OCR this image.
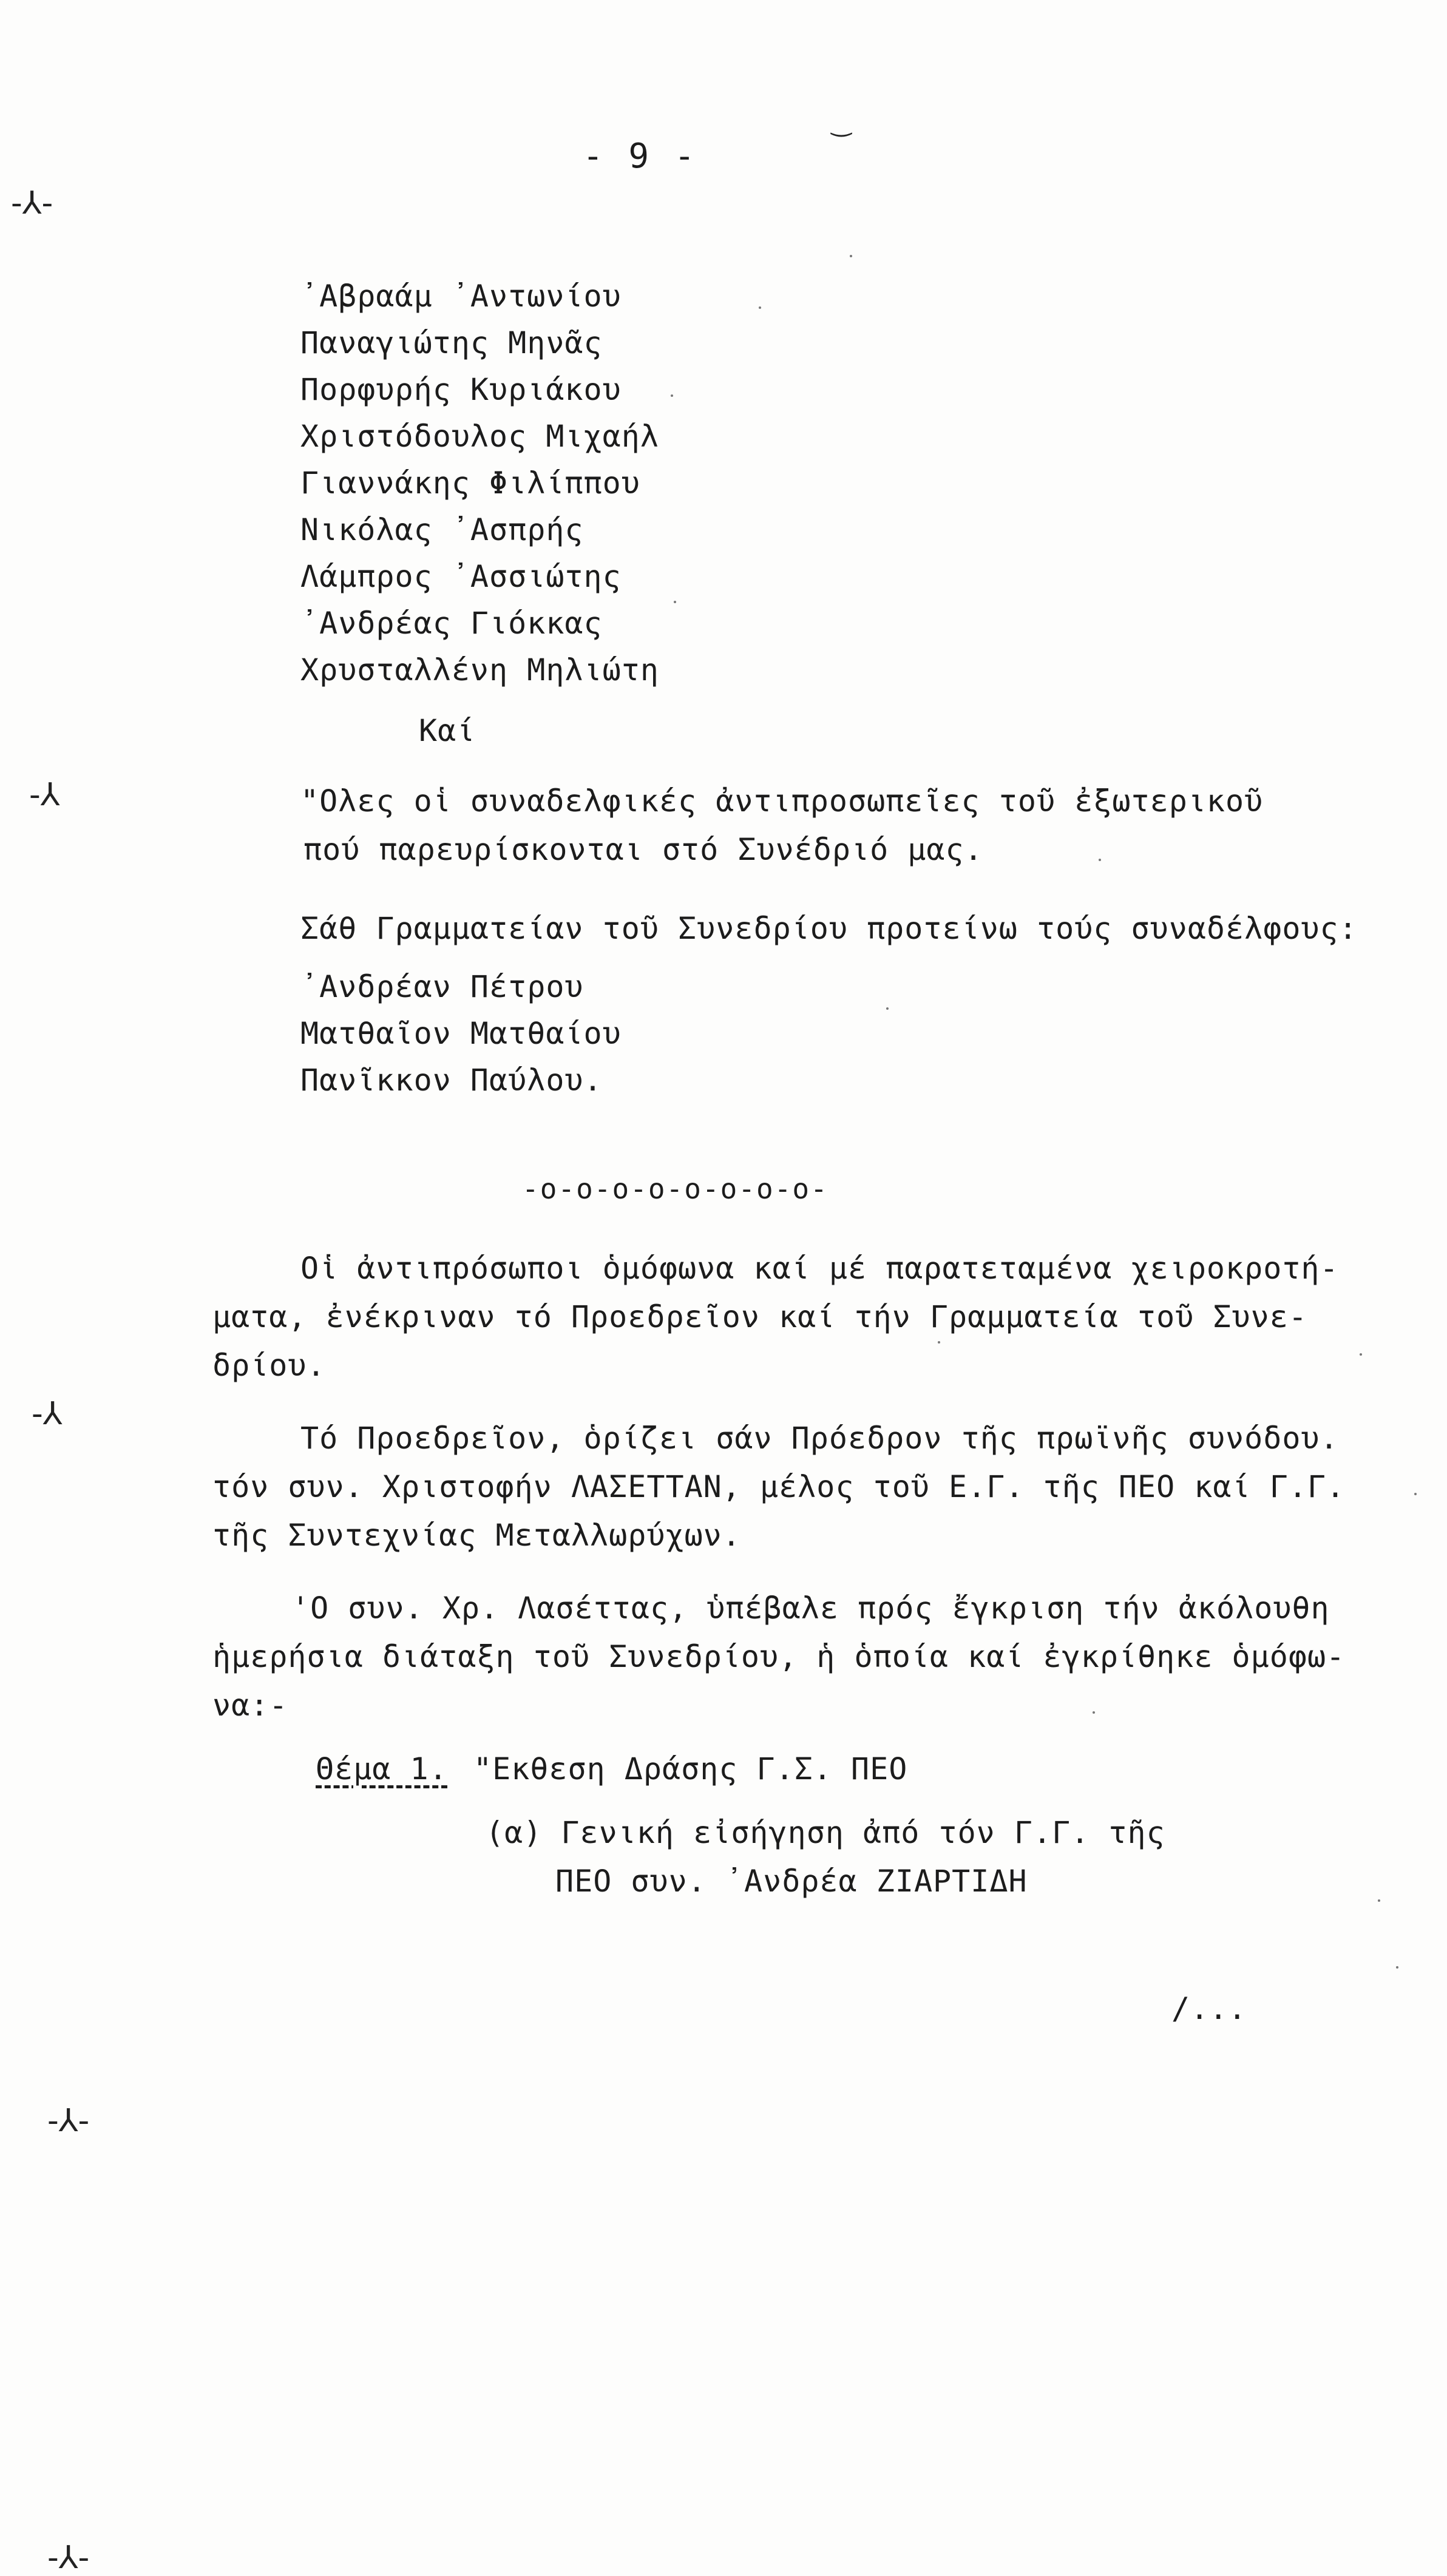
- 9 -
-⅄-
-⅄
-⅄
-⅄-
-⅄-
‿
᾿Αβραάμ ᾿Αντωνίου
Παναγιώτης Μηνᾶς
Πορφυρής Κυριάκου
Χριστόδουλος Μιχαήλ
Γιαννάκης Φιλίππου
Νικόλας ᾿Ασπρής
Λάμπρος ᾿Ασσιώτης
᾿Ανδρέας Γιόκκας
Χρυσταλλένη Μηλιώτη
Καί
"Ολες οἱ συναδελφικές ἀντιπροσωπεῖες τοῦ ἐξωτερικοῦ
πού παρευρίσκονται στό Συνέδριό μας.
Σάθ Γραμματείαν τοῦ Συνεδρίου προτείνω τούς συναδέλφους:
᾿Ανδρέαν Πέτρου
Ματθαῖον Ματθαίου
Πανῖκκον Παύλου.
-ο-ο-ο-ο-ο-ο-ο-ο-
Οἱ ἀντιπρόσωποι ὁμόφωνα καί μέ παρατεταμένα χειροκροτή-
ματα, ἐνέκριναν τό Προεδρεῖον καί τήν Γραμματεία τοῦ Συνε-
δρίου.
Τό Προεδρεῖον, ὁρίζει σάν Πρόεδρον τῆς πρωϊνῆς συνόδου.
τόν συν. Χριστοφήν ΛΑΣΕΤΤΑΝ, μέλος τοῦ Ε.Γ. τῆς ΠΕΟ καί Γ.Γ.
τῆς Συντεχνίας Μεταλλωρύχων.
'Ο συν. Χρ. Λασέττας, ὑπέβαλε πρός ἔγκριση τήν ἀκόλουθη
ἡμερήσια διάταξη τοῦ Συνεδρίου, ἡ ὁποία καί ἐγκρίθηκε ὁμόφω-
να:-
Θέμα 1. "Εκθεση Δράσης Γ.Σ. ΠΕΟ
(α) Γενική εἰσήγηση ἀπό τόν Γ.Γ. τῆς
ΠΕΟ συν. ᾿Ανδρέα ΖΙΑΡΤΙΔΗ
/...
